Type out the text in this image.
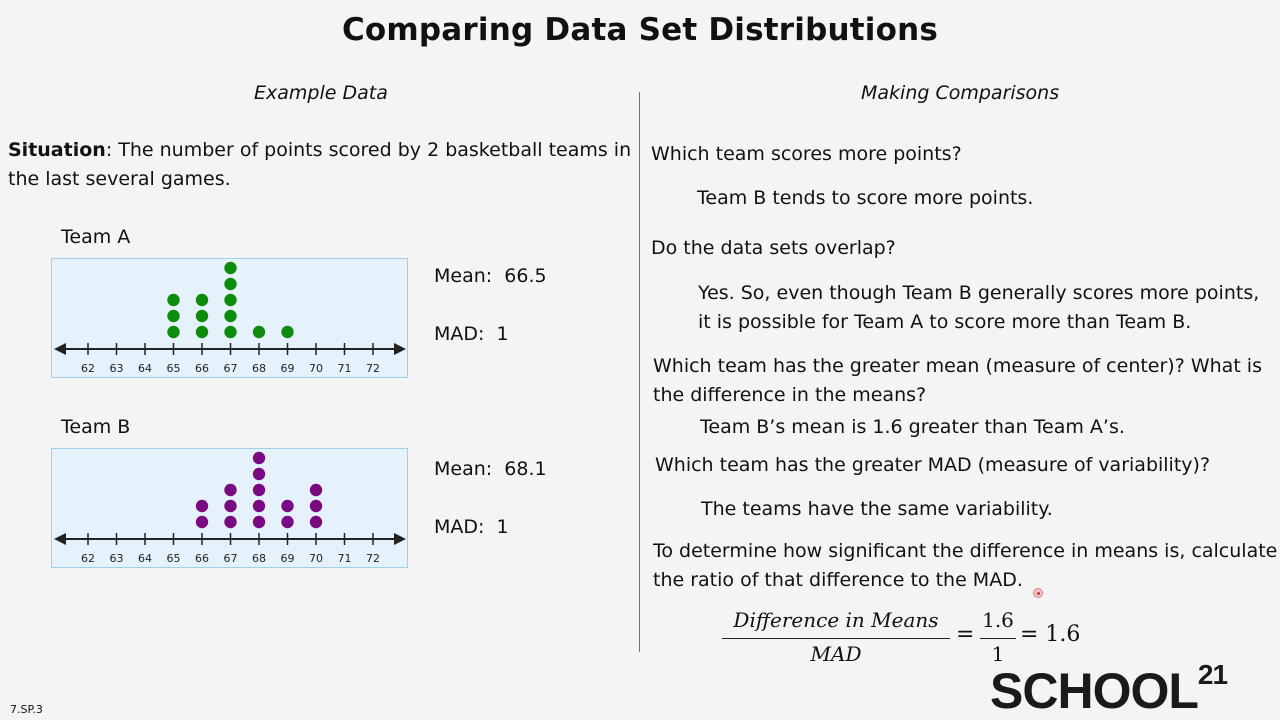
Comparing Data Set Distributions
Example Data	Making Comparisons
Situation: The number of points scored by 2 basketball teams in
the last several games.
Team A
62 63 64 65 66 67 68 69 70 71 72
Mean: 66.5
MAD: 1
Team B
62 63 64 65 66 67 68 69 70 71 72
Mean: 68.1
MAD: 1
Which team scores more points?
Team B tends to score more points.
Do the data sets overlap?
Yes. So, even though Team B generally scores more points,
it is possible for Team A to score more than Team B.
Which team has the greater mean (measure of center)? What is
the difference in the means?
Team B’s mean is 1.6 greater than Team A’s.
Which team has the greater MAD (measure of variability)?
The teams have the same variability.
To determine how significant the difference in means is, calculate
the ratio of that difference to the MAD.
Difference in Means
MAD
=
1.6
1
= 1.6
7.SP.3	SCHOOL$^{21}$
